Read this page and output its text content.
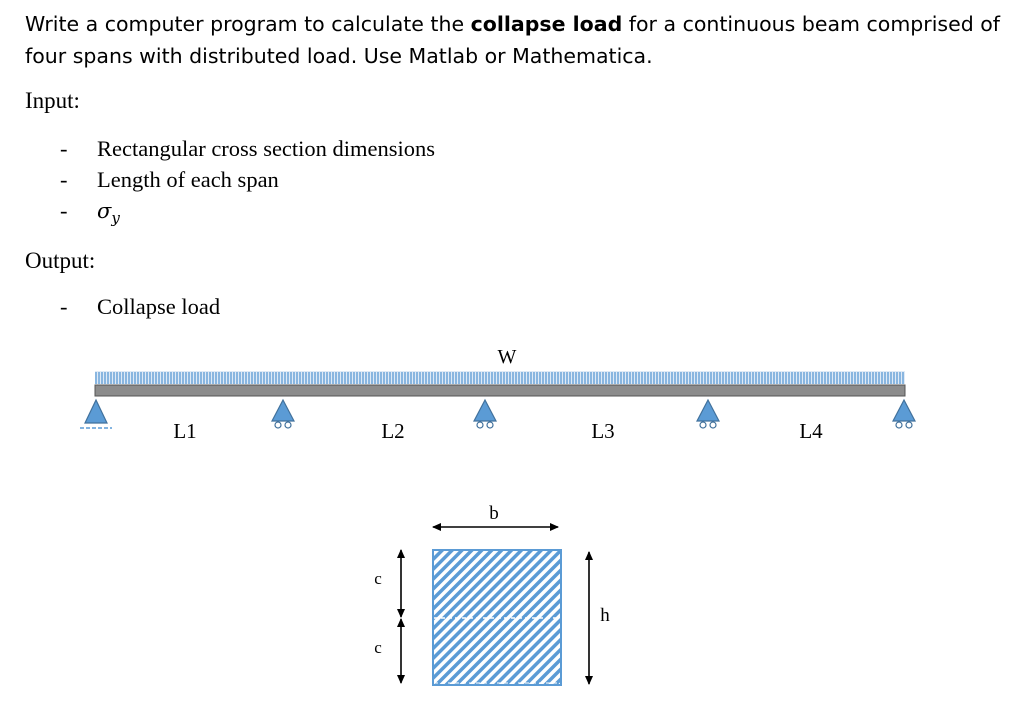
Write a computer program to calculate the collapse load for a continuous beam comprised of four spans with distributed load. Use Matlab or Mathematica.
Input:
- Rectangular cross section dimensions
- Length of each span
- $\sigma_y$
Output:
- Collapse load
W
L1	L2	L3	L4
b
h
c
c
